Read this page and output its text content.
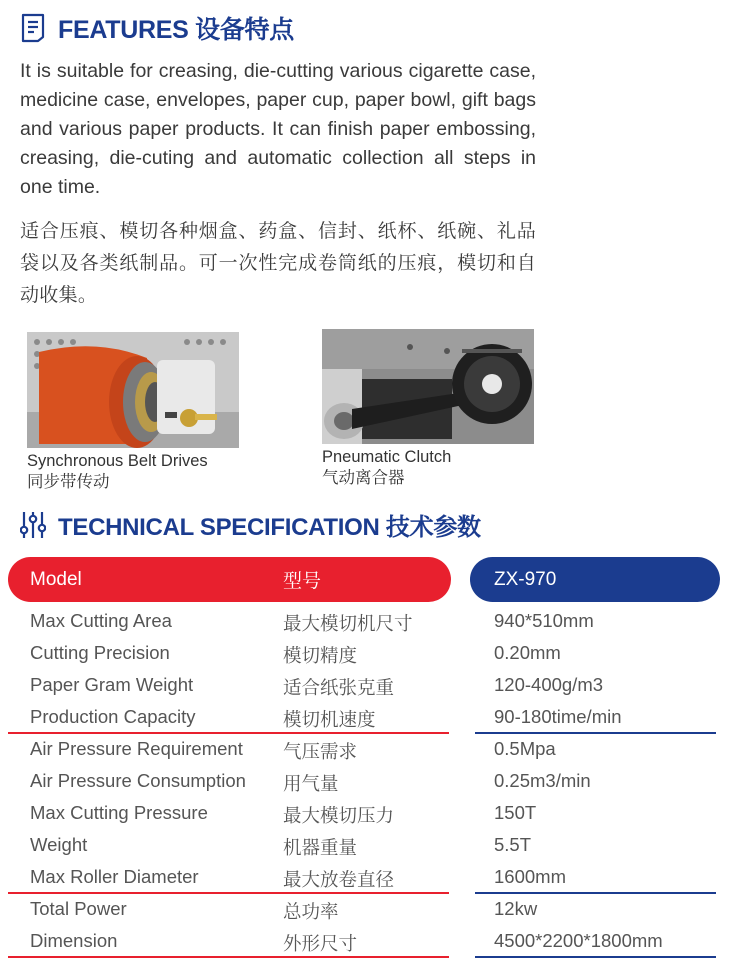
FEATURES 设备特点
It is suitable for creasing, die-cutting various cigarette case, medicine case, envelopes, paper cup, paper bowl, gift bags and various paper products. It can finish paper embossing, creasing, die-cuting and automatic collection all steps in one time.
适合压痕、模切各种烟盒、药盒、信封、纸杯、纸碗、礼品袋以及各类纸制品。可一次性完成卷筒纸的压痕，模切和自动收集。
Synchronous Belt Drives
同步带传动
Pneumatic Clutch
气动离合器
TECHNICAL SPECIFICATION 技术参数
Model	型号	ZX-970
Max Cutting Area	最大模切机尺寸	940*510mm
Cutting Precision	模切精度	0.20mm
Paper Gram Weight	适合纸张克重	120-400g/m3
Production Capacity	模切机速度	90-180time/min
Air Pressure Requirement 气压需求	0.5Mpa
Air Pressure Consumption 用气量	0.25m3/min
Max Cutting Pressure	最大模切压力	150T
Weight	机器重量	5.5T
Max Roller Diameter	最大放卷直径	1600mm
Total Power	总功率	12kw
Dimension	外形尺寸	4500*2200*1800mm
